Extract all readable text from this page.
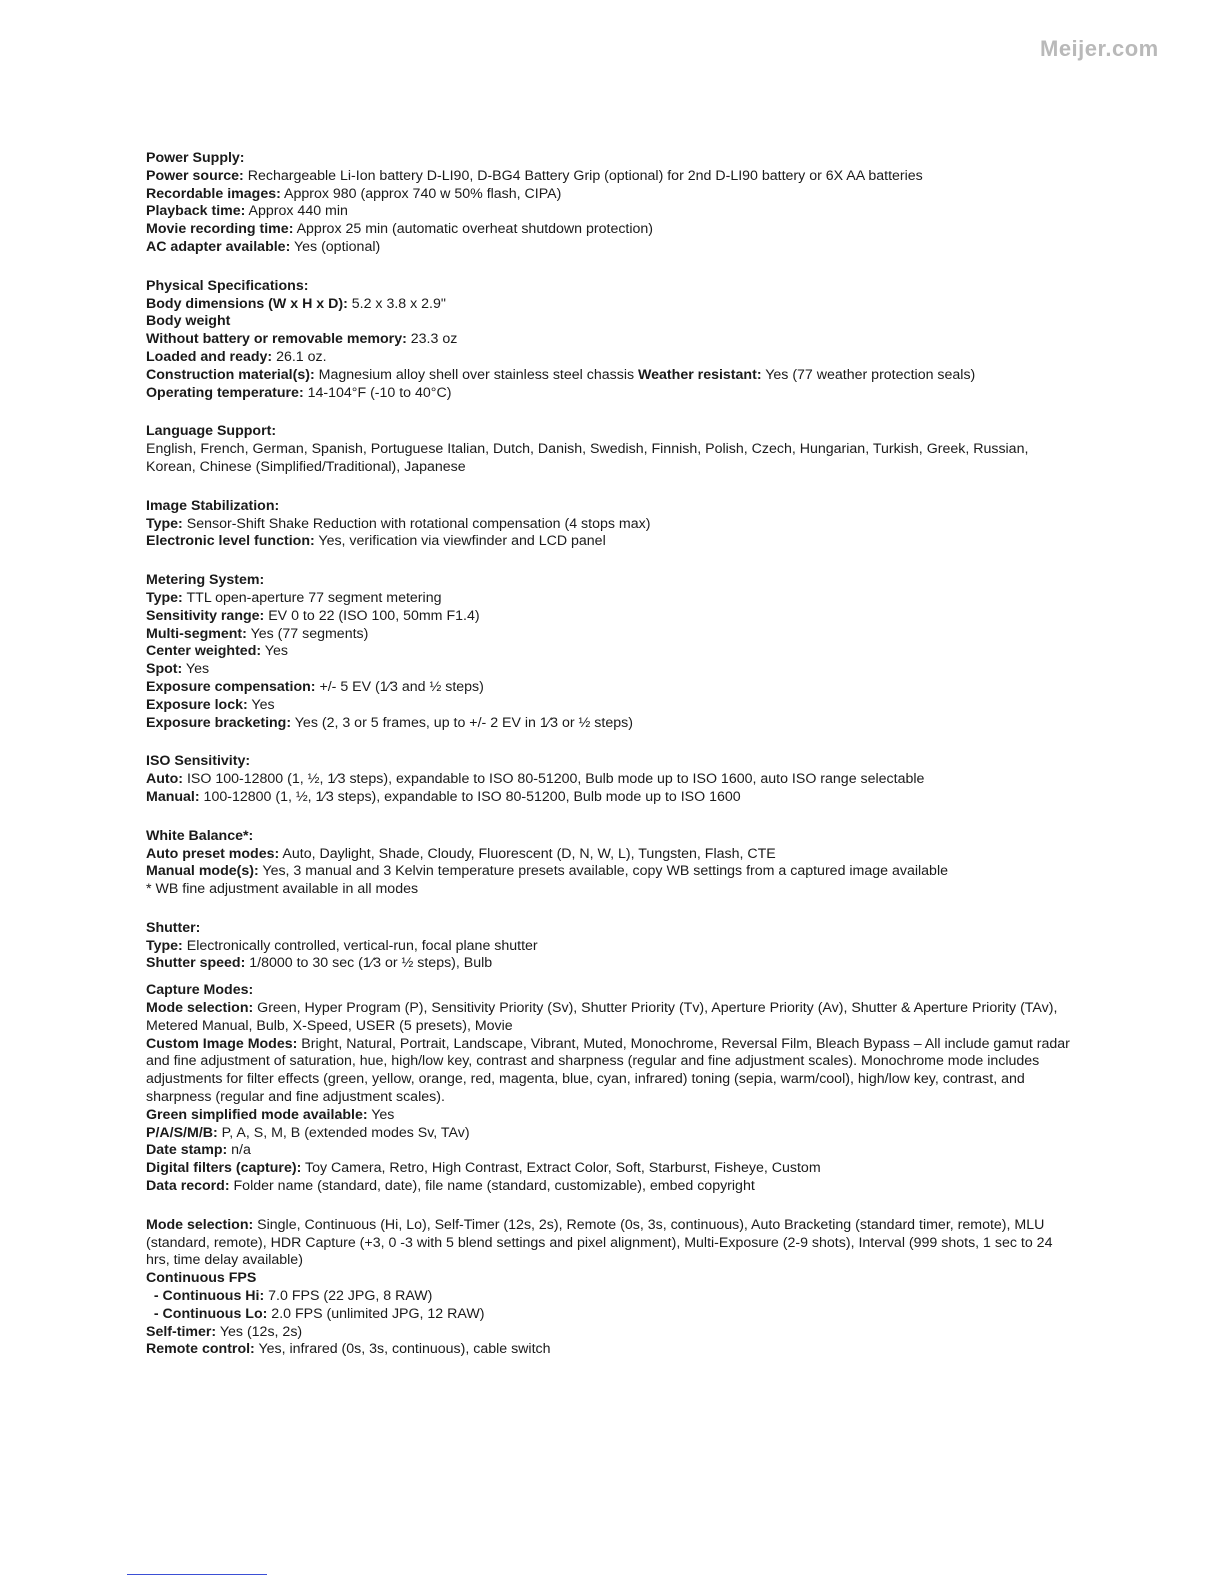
Meijer.com
Power Supply:
Power source: Rechargeable Li-Ion battery D-LI90, D-BG4 Battery Grip (optional) for 2nd D-LI90 battery or 6X AA batteries
Recordable images: Approx 980 (approx 740 w 50% flash, CIPA)
Playback time: Approx 440 min
Movie recording time: Approx 25 min (automatic overheat shutdown protection)
AC adapter available: Yes (optional)
Physical Specifications:
Body dimensions (W x H x D): 5.2 x 3.8 x 2.9"
Body weight
Without battery or removable memory: 23.3 oz
Loaded and ready: 26.1 oz.
Construction material(s): Magnesium alloy shell over stainless steel chassis Weather resistant: Yes (77 weather protection seals)
Operating temperature: 14-104°F (-10 to 40°C)
Language Support:
English, French, German, Spanish, Portuguese Italian, Dutch, Danish, Swedish, Finnish, Polish, Czech, Hungarian, Turkish, Greek, Russian, Korean, Chinese (Simplified/Traditional), Japanese
Image Stabilization:
Type: Sensor-Shift Shake Reduction with rotational compensation (4 stops max)
Electronic level function: Yes, verification via viewfinder and LCD panel
Metering System:
Type: TTL open-aperture 77 segment metering
Sensitivity range: EV 0 to 22 (ISO 100, 50mm F1.4)
Multi-segment: Yes (77 segments)
Center weighted: Yes
Spot: Yes
Exposure compensation: +/- 5 EV (1⁄3 and ½ steps)
Exposure lock: Yes
Exposure bracketing: Yes (2, 3 or 5 frames, up to +/- 2 EV in 1⁄3 or ½ steps)
ISO Sensitivity:
Auto: ISO 100-12800 (1, ½, 1⁄3 steps), expandable to ISO 80-51200, Bulb mode up to ISO 1600, auto ISO range selectable
Manual: 100-12800 (1, ½, 1⁄3 steps), expandable to ISO 80-51200, Bulb mode up to ISO 1600
White Balance*:
Auto preset modes: Auto, Daylight, Shade, Cloudy, Fluorescent (D, N, W, L), Tungsten, Flash, CTE
Manual mode(s): Yes, 3 manual and 3 Kelvin temperature presets available, copy WB settings from a captured image available
* WB fine adjustment available in all modes
Shutter:
Type: Electronically controlled, vertical-run, focal plane shutter
Shutter speed: 1/8000 to 30 sec (1⁄3 or ½ steps), Bulb
Capture Modes:
Mode selection: Green, Hyper Program (P), Sensitivity Priority (Sv), Shutter Priority (Tv), Aperture Priority (Av), Shutter & Aperture Priority (TAv), Metered Manual, Bulb, X-Speed, USER (5 presets), Movie
Custom Image Modes: Bright, Natural, Portrait, Landscape, Vibrant, Muted, Monochrome, Reversal Film, Bleach Bypass – All include gamut radar and fine adjustment of saturation, hue, high/low key, contrast and sharpness (regular and fine adjustment scales). Monochrome mode includes adjustments for filter effects (green, yellow, orange, red, magenta, blue, cyan, infrared) toning (sepia, warm/cool), high/low key, contrast, and sharpness (regular and fine adjustment scales).
Green simplified mode available: Yes
P/A/S/M/B: P, A, S, M, B (extended modes Sv, TAv)
Date stamp: n/a
Digital filters (capture): Toy Camera, Retro, High Contrast, Extract Color, Soft, Starburst, Fisheye, Custom
Data record: Folder name (standard, date), file name (standard, customizable), embed copyright
Mode selection: Single, Continuous (Hi, Lo), Self-Timer (12s, 2s), Remote (0s, 3s, continuous), Auto Bracketing (standard timer, remote), MLU (standard, remote), HDR Capture (+3, 0 -3 with 5 blend settings and pixel alignment), Multi-Exposure (2-9 shots), Interval (999 shots, 1 sec to 24 hrs, time delay available)
Continuous FPS
- Continuous Hi: 7.0 FPS (22 JPG, 8 RAW)
- Continuous Lo: 2.0 FPS (unlimited JPG, 12 RAW)
Self-timer: Yes (12s, 2s)
Remote control: Yes, infrared (0s, 3s, continuous), cable switch
